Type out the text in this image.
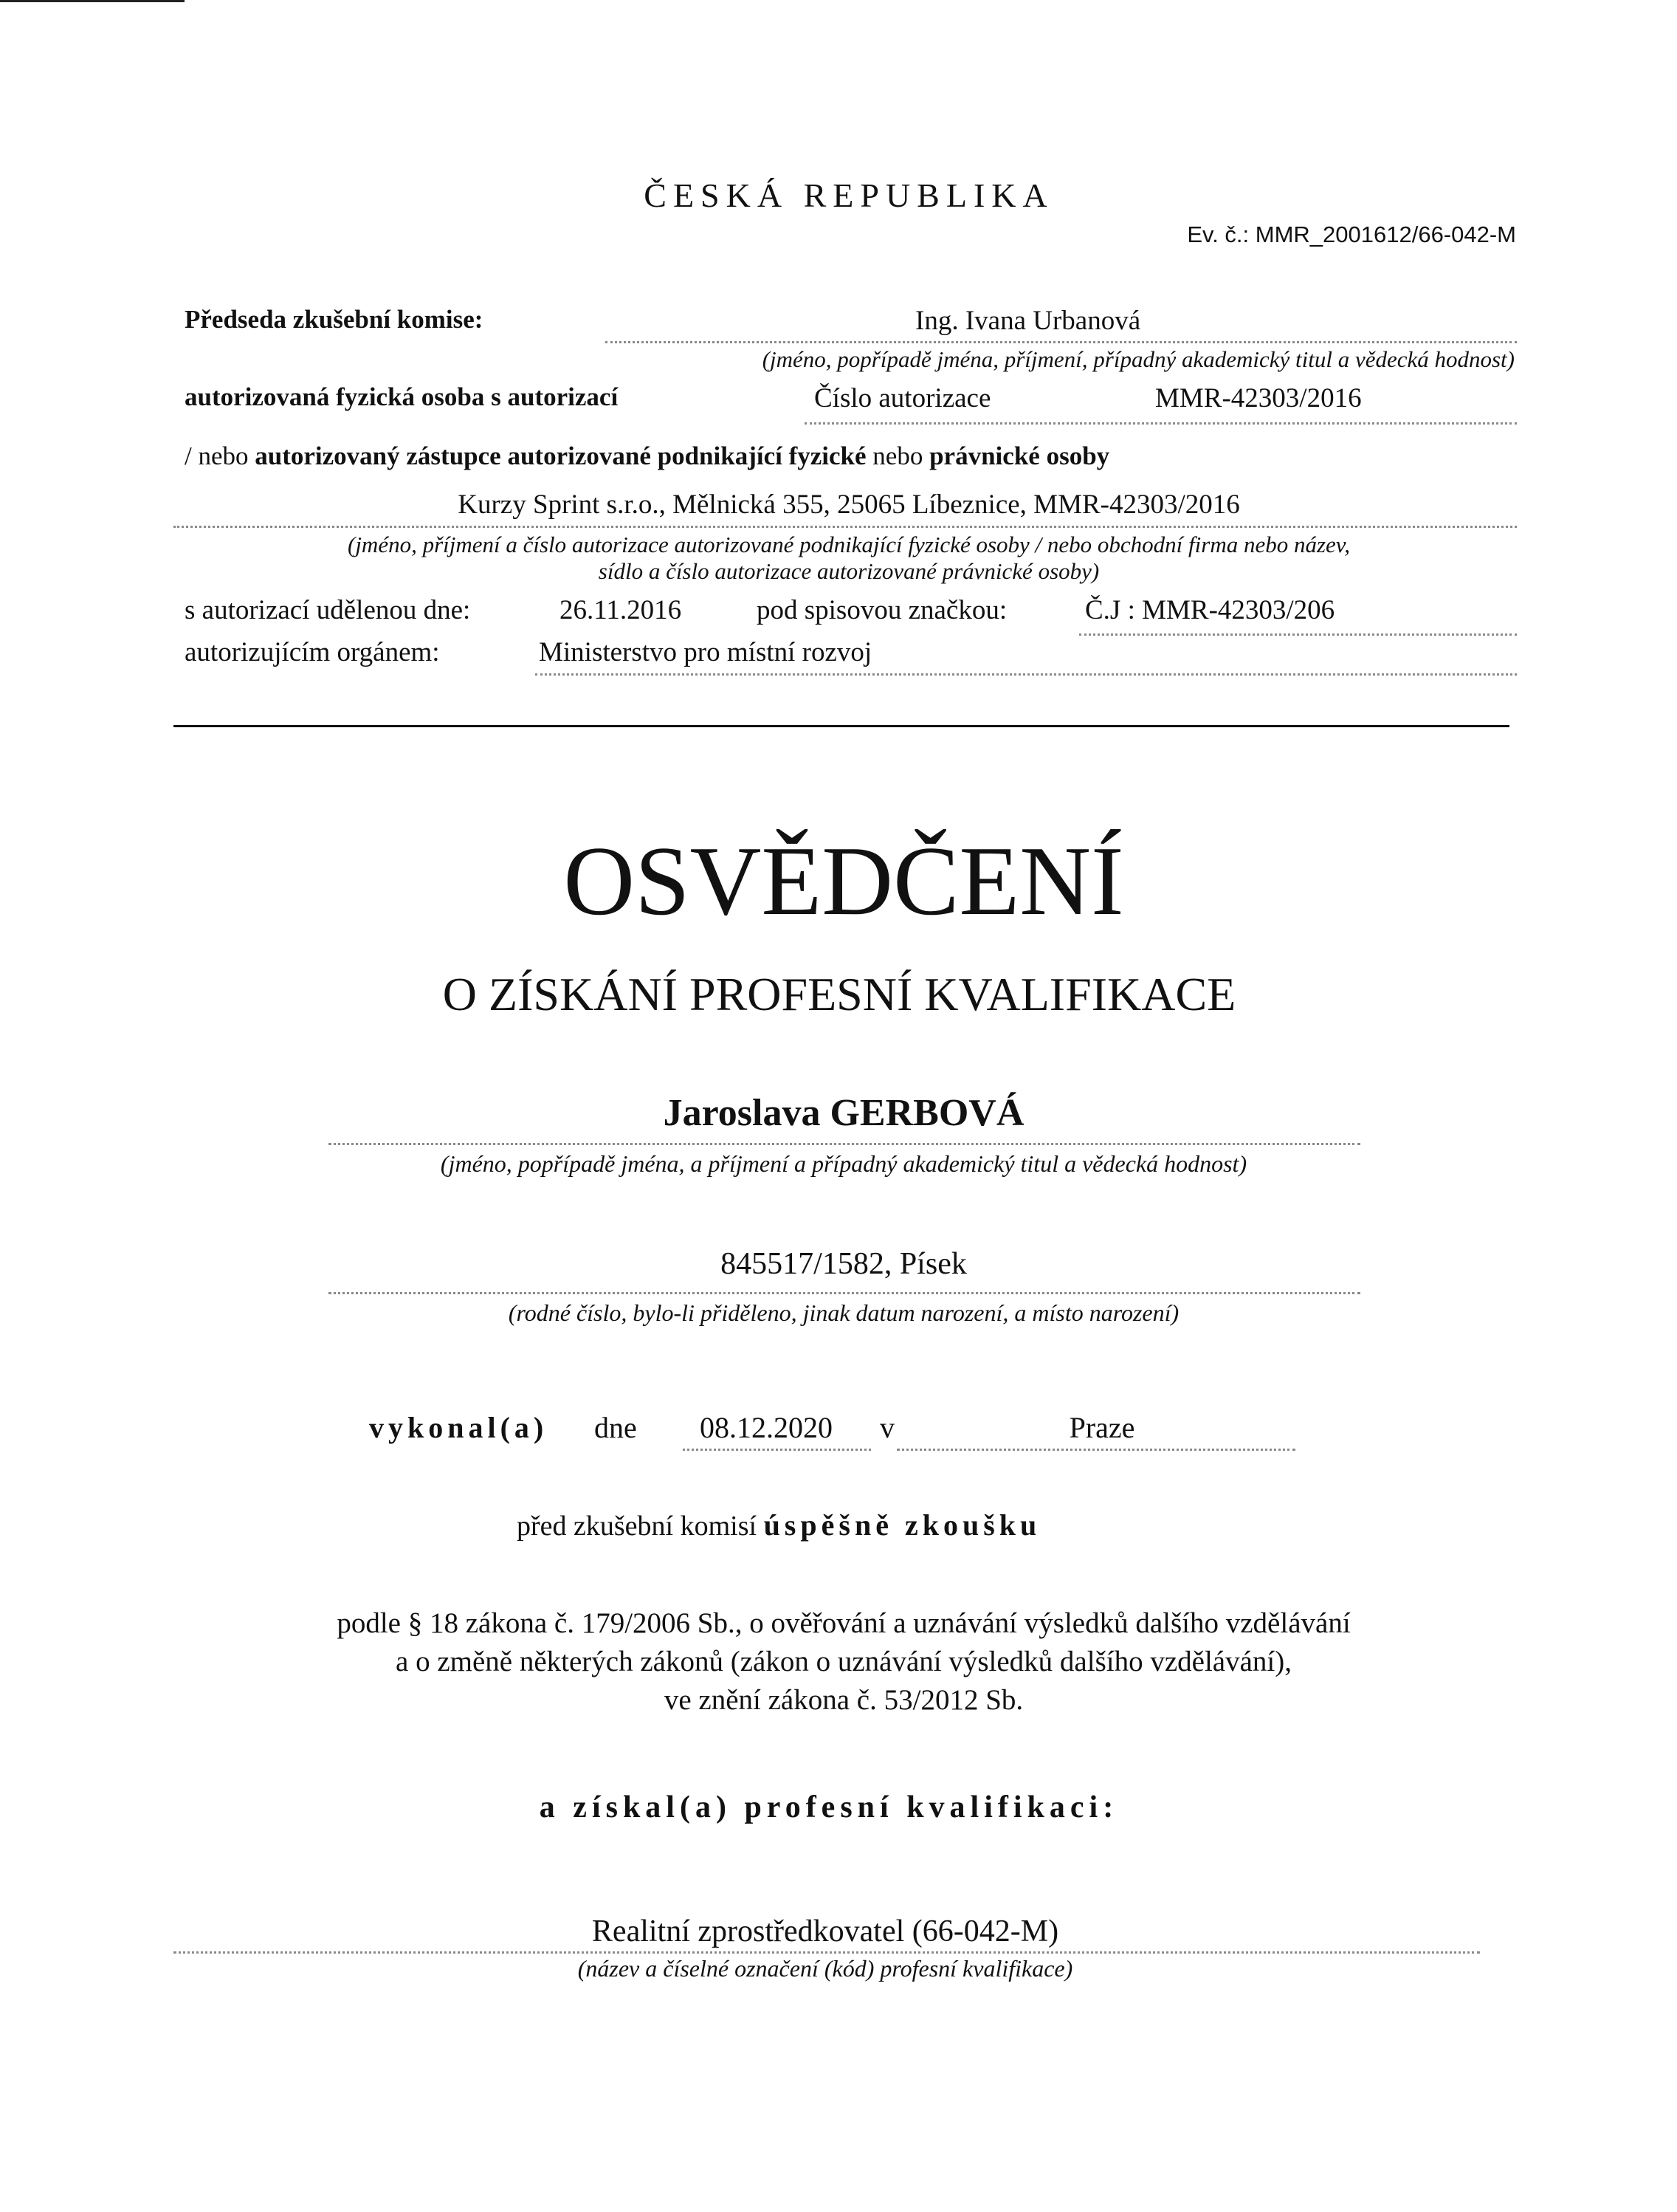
ČESKÁ REPUBLIKA
Ev. č.: MMR_2001612/66-042-M
Předseda zkušební komise:	Ing. Ivana Urbanová
(jméno, popřípadě jména, příjmení, případný akademický titul a vědecká hodnost)
autorizovaná fyzická osoba s autorizací	Číslo autorizace	MMR-42303/2016
/ nebo autorizovaný zástupce autorizované podnikající fyzické nebo právnické osoby
Kurzy Sprint s.r.o., Mělnická 355, 25065 Líbeznice, MMR-42303/2016
(jméno, příjmení a číslo autorizace autorizované podnikající fyzické osoby / nebo obchodní firma nebo název,
sídlo a číslo autorizace autorizované právnické osoby)
s autorizací udělenou dne:	26.11.2016	pod spisovou značkou:	Č.J : MMR-42303/206
autorizujícím orgánem:	Ministerstvo pro místní rozvoj
OSVĚDČENÍ
O ZÍSKÁNÍ PROFESNÍ KVALIFIKACE
Jaroslava GERBOVÁ
(jméno, popřípadě jména, a příjmení a případný akademický titul a vědecká hodnost)
845517/1582, Písek
(rodné číslo, bylo-li přiděleno, jinak datum narození, a místo narození)
vykonal(a) dne 08.12.2020 v	Praze
před zkušební komisí úspěšně zkoušku
podle § 18 zákona č. 179/2006 Sb., o ověřování a uznávání výsledků dalšího vzdělávání
a o změně některých zákonů (zákon o uznávání výsledků dalšího vzdělávání),
ve znění zákona č. 53/2012 Sb.
a získal(a) profesní kvalifikaci:
Realitní zprostředkovatel (66-042-M)
(název a číselné označení (kód) profesní kvalifikace)
